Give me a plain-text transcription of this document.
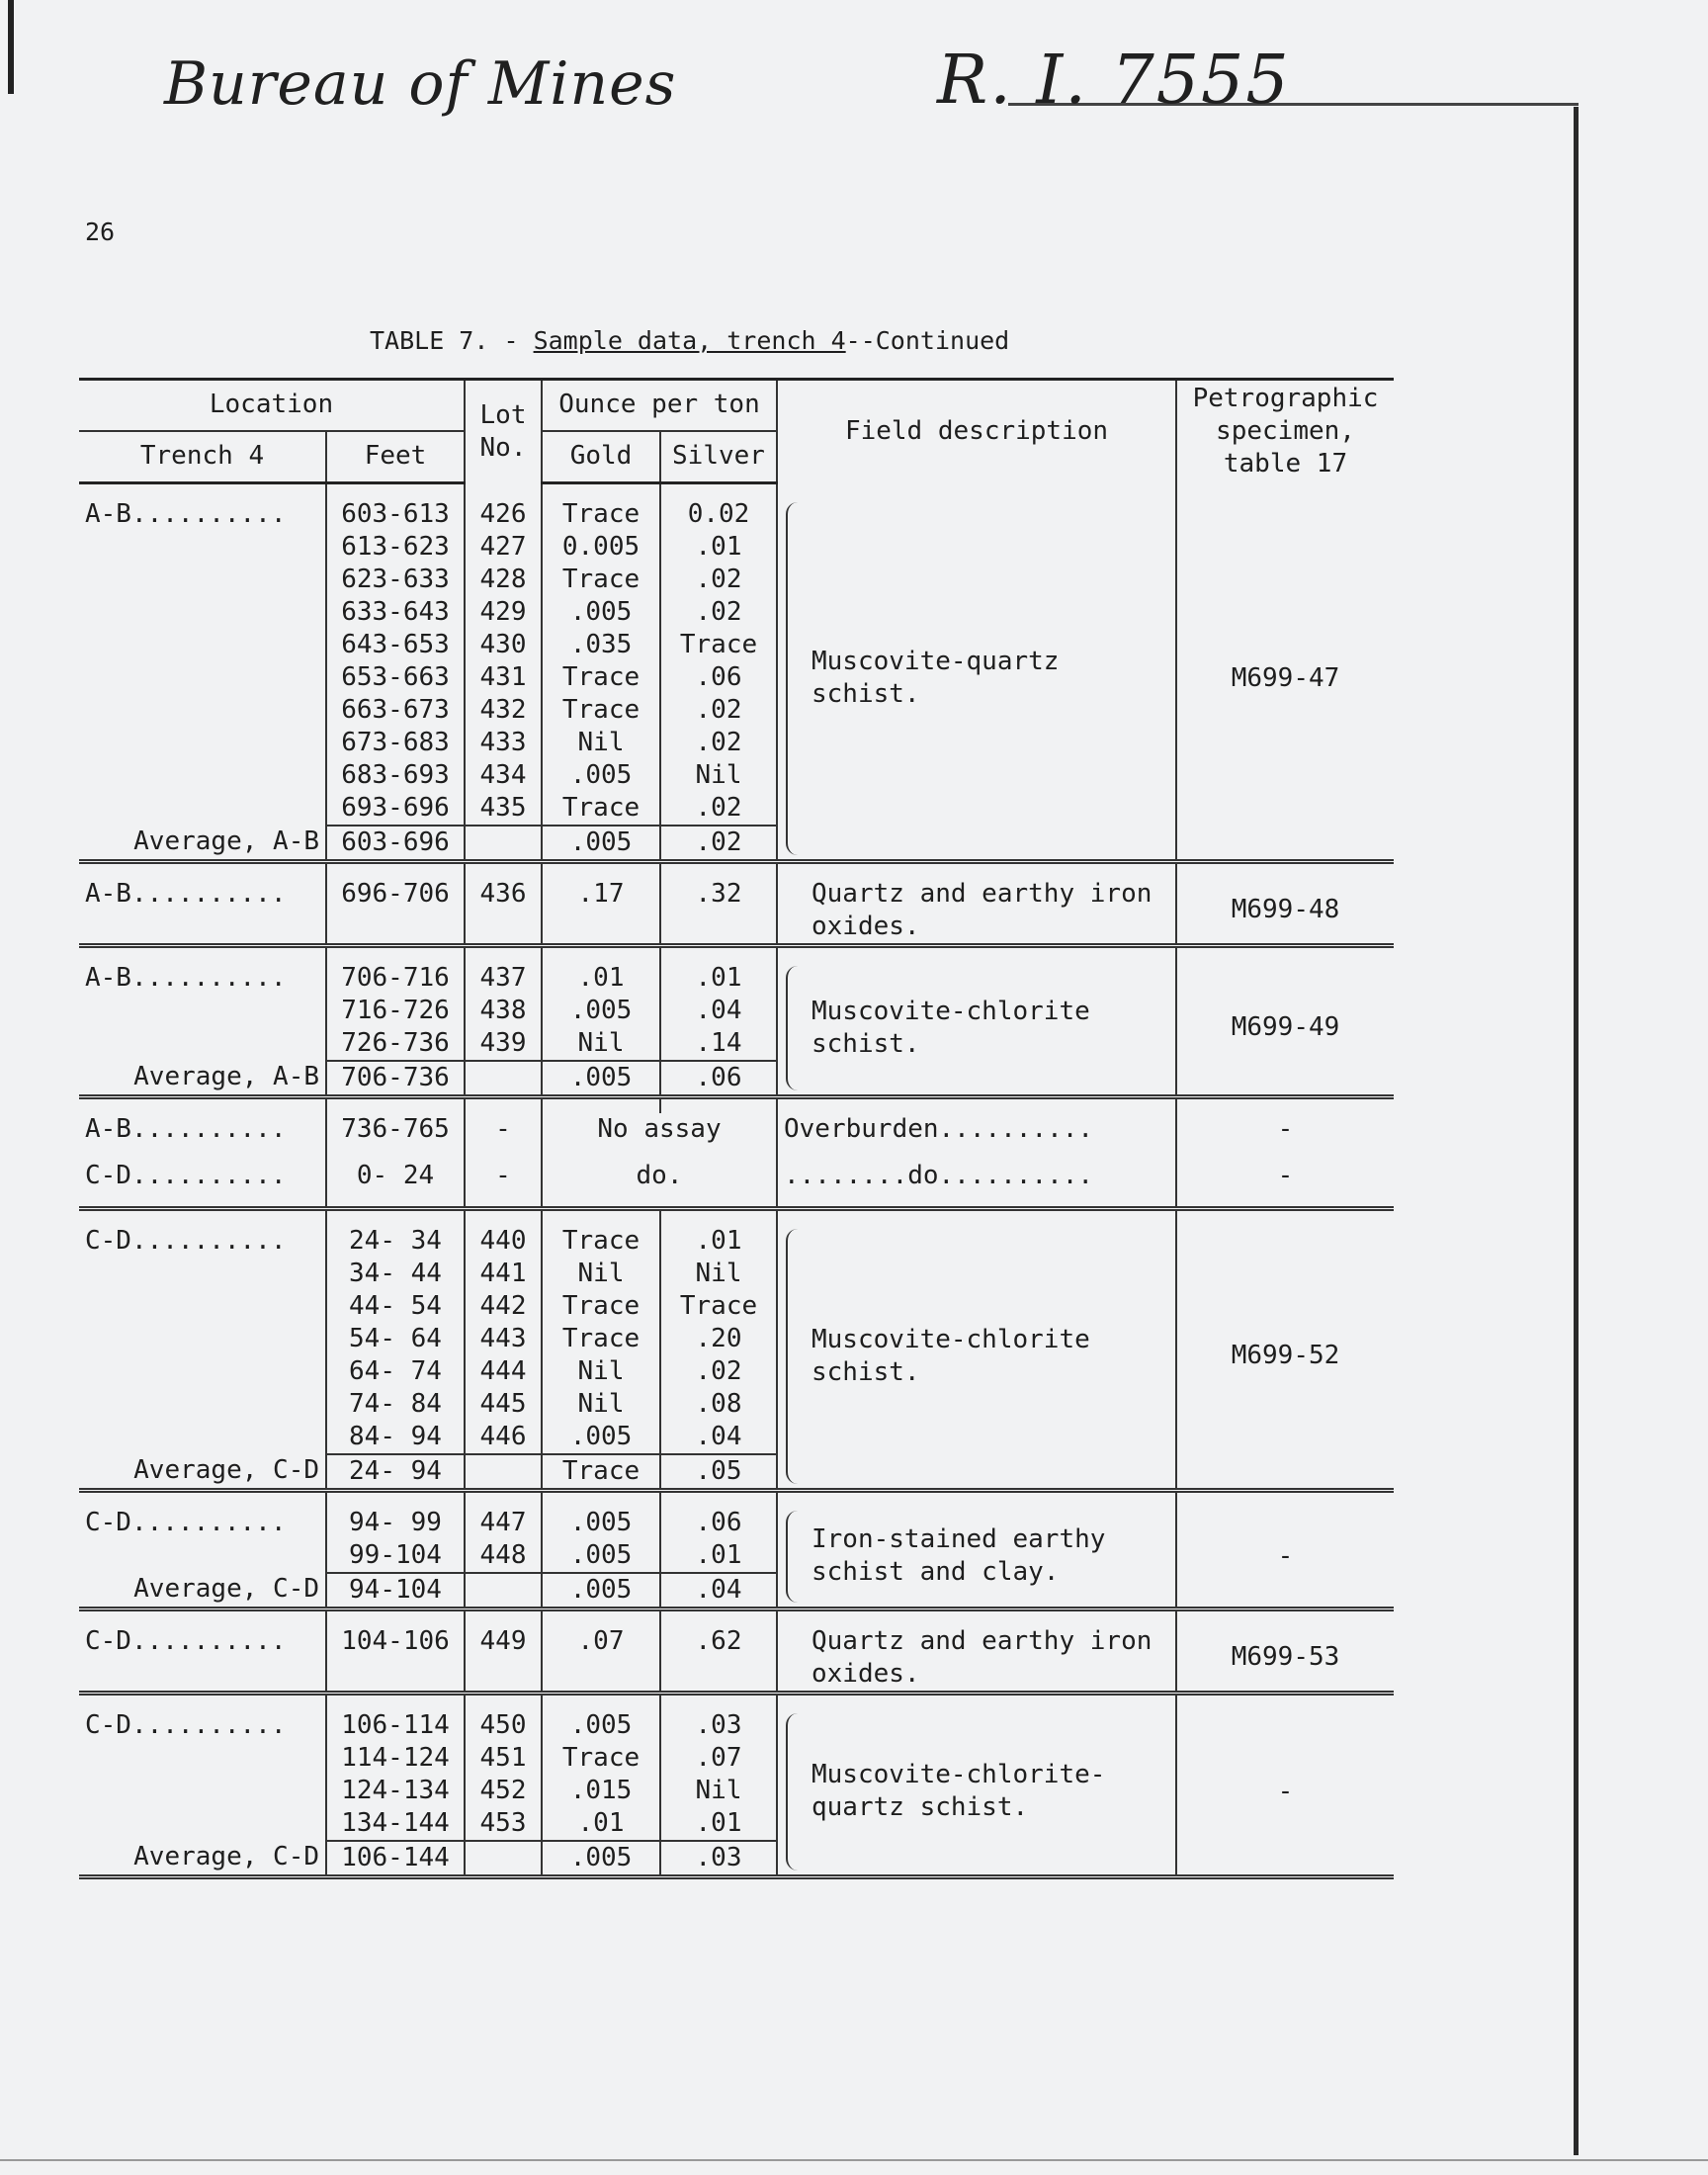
Bureau of Mines	R. I. 7555
26
TABLE 7. - Sample data, trench 4--Continued
Location		Lot
No.	Ounce per ton		Field description	Petrographic specimen, table 17
Trench 4	Feet		Gold	Silver		

A-B..........	603-613	426	Trace	0.02	Muscovite-quartz schist.	M699-47
	613-623	427	0.005	.01		
	623-633	428	Trace	.02		
	633-643	429	.005	.02		
	643-653	430	.035	Trace		
	653-663	431	Trace	.06		
	663-673	432	Trace	.02		
	673-683	433	Nil	.02		
	683-693	434	.005	Nil		
	693-696	435	Trace	.02		
Average, A-B	603-696		.005	.02		

A-B..........	696-706	436	.17	.32	Quartz and earthy iron oxides.	M699-48

A-B..........	706-716	437	.01	.01	Muscovite-chlorite schist.	M699-49
	716-726	438	.005	.04		
	726-736	439	Nil	.14		
Average, A-B	706-736		.005	.06		

A-B..........	736-765	-	No assay		Overburden..........	-

C-D..........	0- 24	-	do.		........do..........	-

C-D..........	24- 34	440	Trace	.01	Muscovite-chlorite schist.	M699-52
	34- 44	441	Nil	Nil		
	44- 54	442	Trace	Trace		
	54- 64	443	Trace	.20		
	64- 74	444	Nil	.02		
	74- 84	445	Nil	.08		
	84- 94	446	.005	.04		
Average, C-D	24- 94		Trace	.05		

C-D..........	94- 99	447	.005	.06	Iron-stained earthy schist and clay.	-
	99-104	448	.005	.01		
Average, C-D	94-104		.005	.04		

C-D..........	104-106	449	.07	.62	Quartz and earthy iron oxides.	M699-53

C-D..........	106-114	450	.005	.03	Muscovite-chlorite-quartz schist.	-
	114-124	451	Trace	.07		
	124-134	452	.015	Nil		
	134-144	453	.01	.01		
Average, C-D	106-144		.005	.03		
